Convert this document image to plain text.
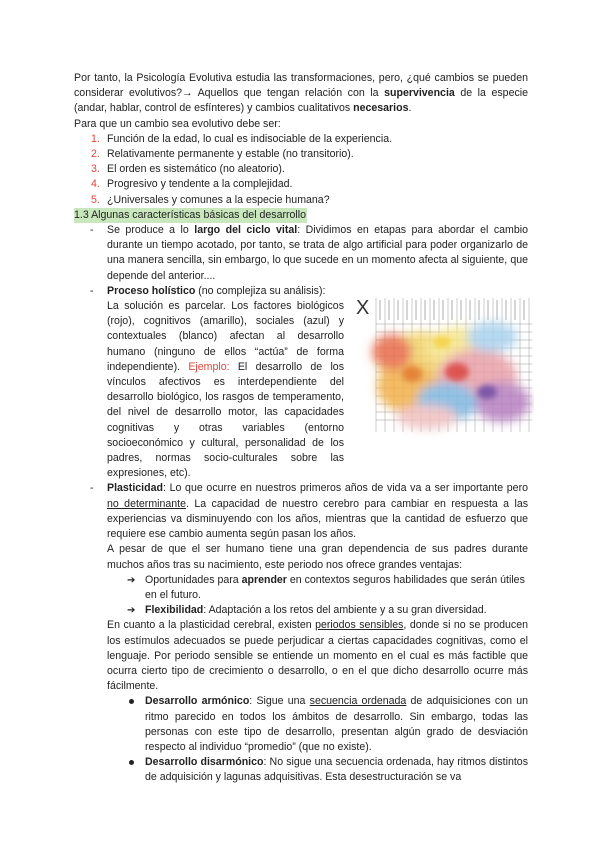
Por tanto, la Psicología Evolutiva estudia las transformaciones, pero, ¿qué cambios se pueden considerar evolutivos?→ Aquellos que tengan relación con la supervivencia de la especie (andar, hablar, control de esfínteres) y cambios cualitativos necesarios.

Para que un cambio sea evolutivo debe ser:

1. Función de la edad, lo cual es indisociable de la experiencia.
2. Relativamente permanente y estable (no transitorio).
3. El orden es sistemático (no aleatorio).
4. Progresivo y tendente a la complejidad.
5. ¿Universales y comunes a la especie humana?
1.3 Algunas características básicas del desarrollo
- Se produce a lo largo del ciclo vital: Dividimos en etapas para abordar el cambio durante un tiempo acotado, por tanto, se trata de algo artificial para poder organizarlo de una manera sencilla, sin embargo, lo que sucede en un momento afecta al siguiente, que depende del anterior....

- Proceso holístico (no complejiza su análisis):

La solución es parcelar. Los factores biológicos (rojo), cognitivos (amarillo), sociales (azul) y contextuales (blanco) afectan al desarrollo humano (ninguno de ellos “actúa” de forma independiente). Ejemplo: El desarrollo de los vínculos afectivos es interdependiente del desarrollo biológico, los rasgos de temperamento, del nivel de desarrollo motor, las capacidades cognitivas y otras variables (entorno socioeconómico y cultural, personalidad de los padres, normas socio-culturales sobre las expresiones, etc).

X
- Plasticidad: Lo que ocurre en nuestros primeros años de vida va a ser importante pero no determinante. La capacidad de nuestro cerebro para cambiar en respuesta a las experiencias va disminuyendo con los años, mientras que la cantidad de esfuerzo que requiere ese cambio aumenta según pasan los años.

A pesar de que el ser humano tiene una gran dependencia de sus padres durante muchos años tras su nacimiento, este periodo nos ofrece grandes ventajas:

➔ Oportunidades para aprender en contextos seguros habilidades que serán útiles en el futuro.

➔ Flexibilidad: Adaptación a los retos del ambiente y a su gran diversidad.

En cuanto a la plasticidad cerebral, existen periodos sensibles, donde si no se producen los estímulos adecuados se puede perjudicar a ciertas capacidades cognitivas, como el lenguaje. Por periodo sensible se entiende un momento en el cual es más factible que ocurra cierto tipo de crecimiento o desarrollo, o en el que dicho desarrollo ocurre más fácilmente.

Desarrollo armónico: Sigue una secuencia ordenada de adquisiciones con un ritmo parecido en todos los ámbitos de desarrollo. Sin embargo, todas las personas con este tipo de desarrollo, presentan algún grado de desviación respecto al individuo “promedio” (que no existe).

Desarrollo disarmónico: No sigue una secuencia ordenada, hay ritmos distintos de adquisición y lagunas adquisitivas. Esta desestructuración se va
